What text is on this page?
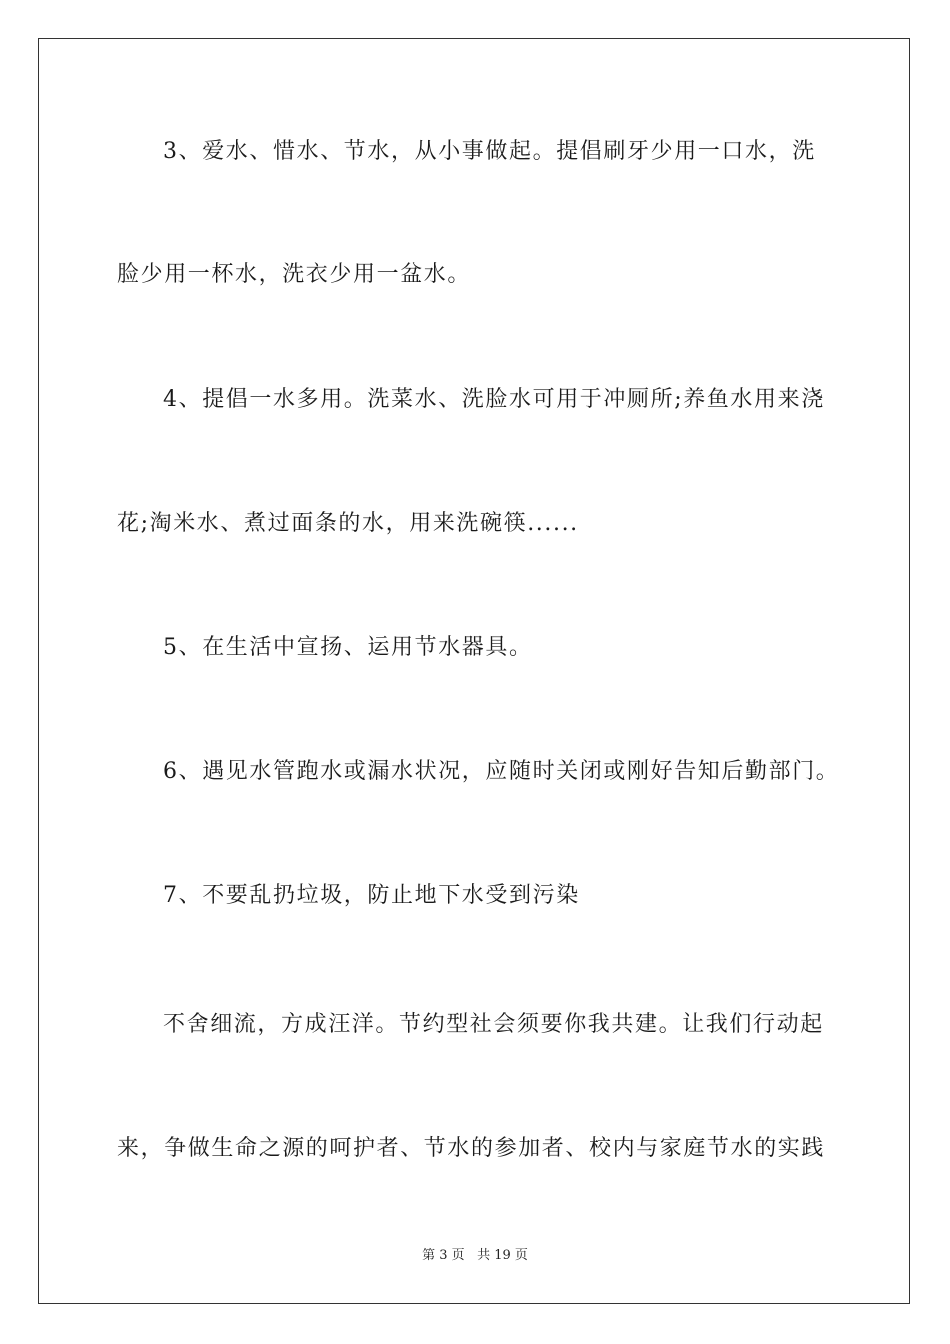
3、爱水、惜水、节水，从小事做起。提倡刷牙少用一口水，洗
脸少用一杯水，洗衣少用一盆水。
4、提倡一水多用。洗菜水、洗脸水可用于冲厕所;养鱼水用来浇
花;淘米水、煮过面条的水，用来洗碗筷......
5、在生活中宣扬、运用节水器具。
6、遇见水管跑水或漏水状况，应随时关闭或刚好告知后勤部门。
7、不要乱扔垃圾，防止地下水受到污染
不舍细流，方成汪洋。节约型社会须要你我共建。让我们行动起
来，争做生命之源的呵护者、节水的参加者、校内与家庭节水的实践
第 3 页 共 19 页
